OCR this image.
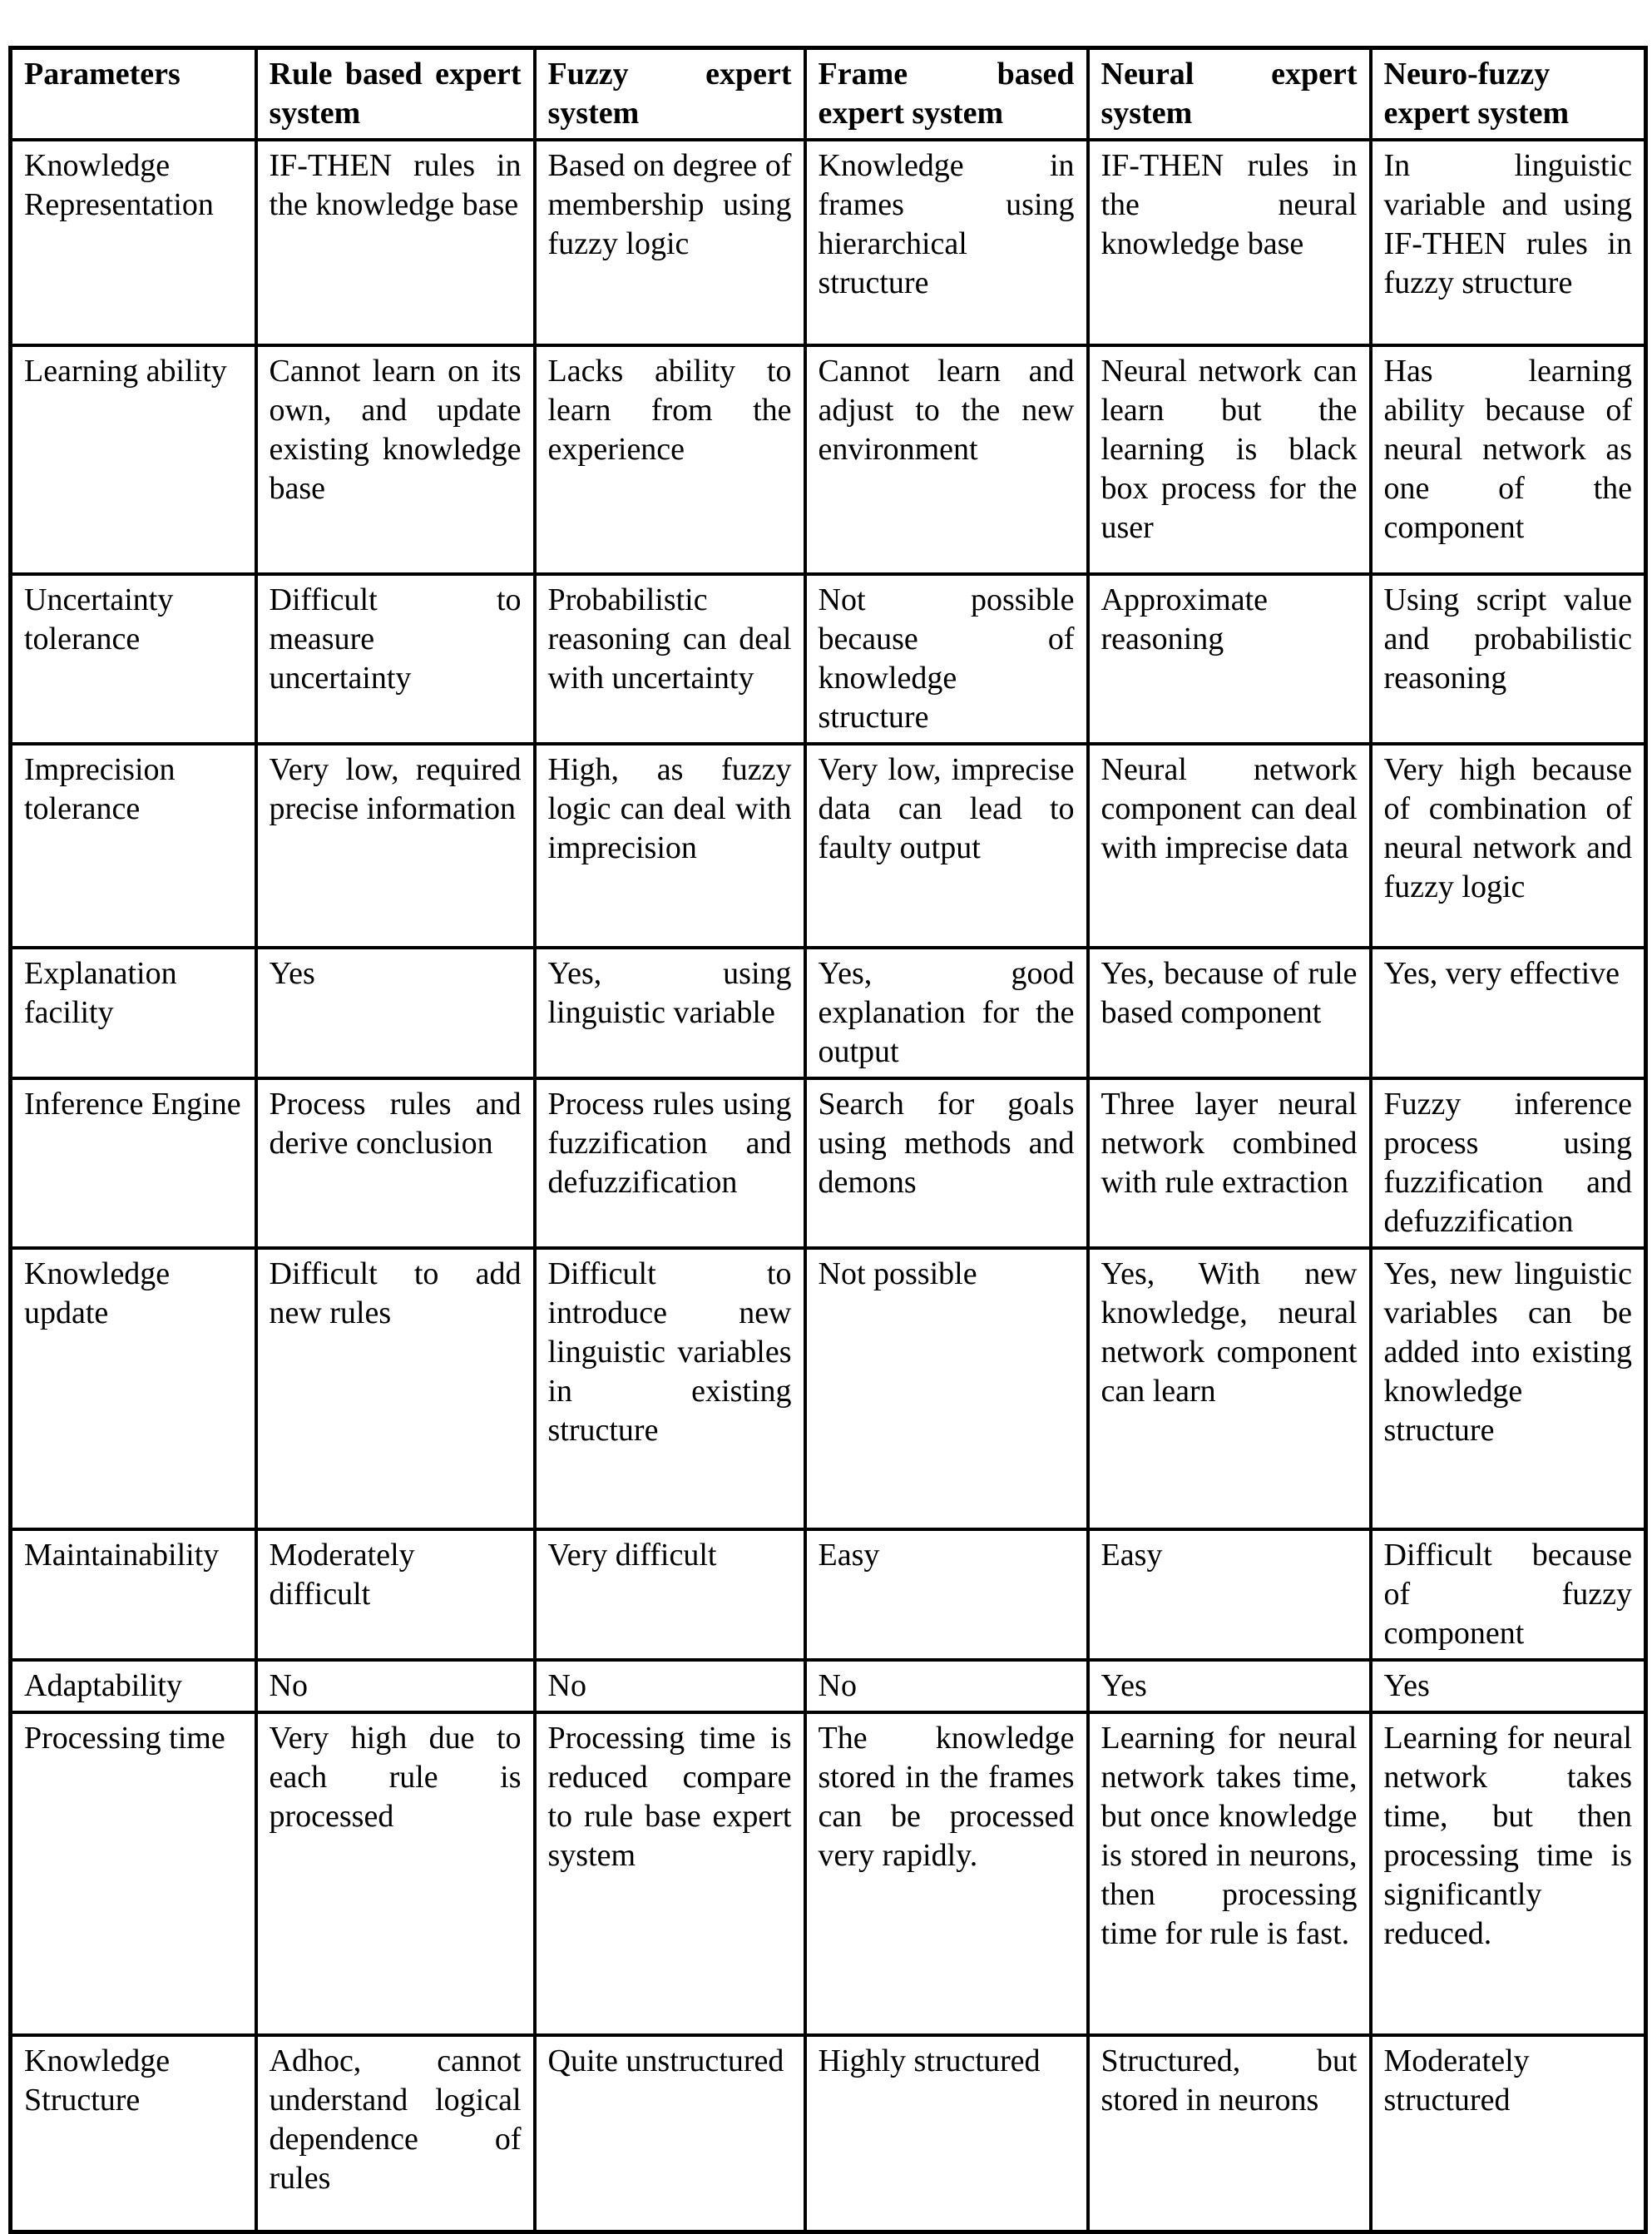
Parameters	Rule based expert system	Fuzzy expert system	Frame based expert system	Neural expert system	Neuro-fuzzy expert system
Knowledge Representation	IF-THEN rules in the knowledge base	Based on degree of membership using fuzzy logic	Knowledge in frames using hierarchical structure	IF-THEN rules in the neural knowledge base	In linguistic variable and using IF-THEN rules in fuzzy structure
Learning ability	Cannot learn on its own, and update existing knowledge base	Lacks ability to learn from the experience	Cannot learn and adjust to the new environment	Neural network can learn but the learning is black box process for the user	Has learning ability because of neural network as one of the component
Uncertainty tolerance	Difficult to measure uncertainty	Probabilistic reasoning can deal with uncertainty	Not possible because of knowledge structure	Approximate reasoning	Using script value and probabilistic reasoning
Imprecision tolerance	Very low, required precise information	High, as fuzzy logic can deal with imprecision	Very low, imprecise data can lead to faulty output	Neural network component can deal with imprecise data	Very high because of combination of neural network and fuzzy logic
Explanation facility	Yes	Yes, using linguistic variable	Yes, good explanation for the output	Yes, because of rule based component	Yes, very effective
Inference Engine	Process rules and derive conclusion	Process rules using fuzzification and defuzzification	Search for goals using methods and demons	Three layer neural network combined with rule extraction	Fuzzy inference process using fuzzification and defuzzification
Knowledge update	Difficult to add new rules	Difficult to introduce new linguistic variables in existing structure	Not possible	Yes, With new knowledge, neural network component can learn	Yes, new linguistic variables can be added into existing knowledge structure
Maintainability	Moderately difficult	Very difficult	Easy	Easy	Difficult because of fuzzy component
Adaptability	No	No	No	Yes	Yes
Processing time	Very high due to each rule is processed	Processing time is reduced compare to rule base expert system	The knowledge stored in the frames can be processed very rapidly.	Learning for neural network takes time, but once knowledge is stored in neurons, then processing time for rule is fast.	Learning for neural network takes time, but then processing time is significantly reduced.
Knowledge Structure	Adhoc, cannot understand logical dependence of rules	Quite unstructured	Highly structured	Structured, but stored in neurons	Moderately structured
